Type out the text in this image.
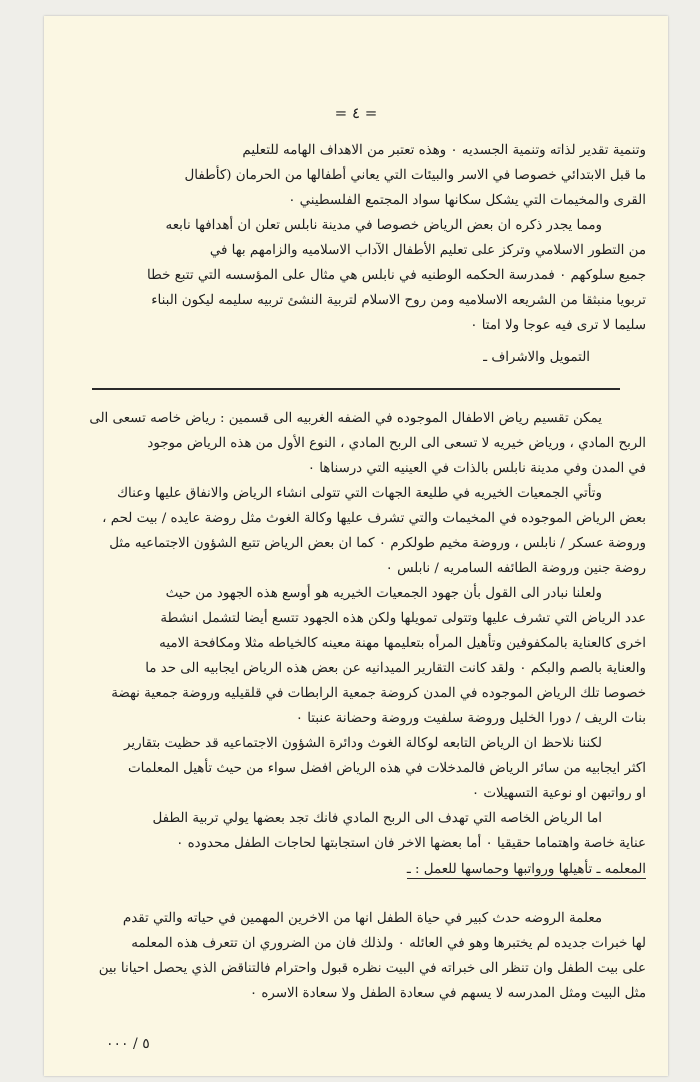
= ٤ =
وتنمية تقدير لذاته وتنمية الجسديه ٠ وهذه تعتبر من الاهداف الهامه للتعليم
ما قبل الابتدائي خصوصا في الاسر والبيئات التي يعاني أطفالها من الحرمان (كأطفال
القرى والمخيمات التي يشكل سكانها سواد المجتمع الفلسطيني ٠
ومما يجدر ذكره ان بعض الرياض خصوصا في مدينة نابلس تعلن ان أهدافها نابعه
من التطور الاسلامي وتركز على تعليم الأطفال الآداب الاسلاميه والزامهم بها في
جميع سلوكهم ٠ فمدرسة الحكمه الوطنيه في نابلس هي مثال على المؤسسه التي تتبع خطا
تربويا منبثقا من الشريعه الاسلاميه ومن روح الاسلام لتربية النشئ تربيه سليمه ليكون البناء
سليما لا ترى فيه عوجا ولا امتا ٠
التمويل والاشراف ـ
يمكن تقسيم رياض الاطفال الموجوده في الضفه الغربيه الى قسمين : رياض خاصه تسعى الى
الربح المادي ، ورياض خيريه لا تسعى الى الربح المادي ، النوع الأول من هذه الرياض موجود
في المدن وفي مدينة نابلس بالذات في العينيه التي درسناها ٠
وتأتي الجمعيات الخيريه في طليعة الجهات التي تتولى انشاء الرياض والانفاق عليها وعناك
بعض الرياض الموجوده في المخيمات والتي تشرف عليها وكالة الغوث مثل روضة عايده / بيت لحم ،
وروضة عسكر / نابلس ، وروضة مخيم طولكرم ٠ كما ان بعض الرياض تتبع الشؤون الاجتماعيه مثل
روضة جنين وروضة الطائفه السامريه / نابلس ٠
ولعلنا نبادر الى القول بأن جهود الجمعيات الخيريه هو أوسع هذه الجهود من حيث
عدد الرياض التي تشرف عليها وتتولى تمويلها ولكن هذه الجهود تتسع أيضا لتشمل انشطة
اخرى كالعناية بالمكفوفين وتأهيل المرأه بتعليمها مهنة معينه كالخياطه مثلا ومكافحة الاميه
والعناية بالصم والبكم ٠ ولقد كانت التقارير الميدانيه عن بعض هذه الرياض ايجابيه الى حد ما
خصوصا تلك الرياض الموجوده في المدن كروضة جمعية الرابطات في قلقيليه وروضة جمعية نهضة
بنات الريف / دورا الخليل وروضة سلفيت وروضة وحضانة عنبتا ٠
لكننا نلاحظ ان الرياض التابعه لوكالة الغوث ودائرة الشؤون الاجتماعيه قد حظيت بتقارير
اكثر ايجابيه من سائر الرياض فالمدخلات في هذه الرياض افضل سواء من حيث تأهيل المعلمات
او رواتبهن او نوعية التسهيلات ٠
اما الرياض الخاصه التي تهدف الى الربح المادي فانك تجد بعضها يولي تربية الطفل
عناية خاصة واهتماما حقيقيا ٠ أما بعضها الاخر فان استجابتها لحاجات الطفل محدوده ٠
المعلمه ـ تأهيلها ورواتبها وحماسها للعمل : ـ
معلمة الروضه حدث كبير في حياة الطفل انها من الاخرين المهمين في حياته والتي تقدم
لها خبرات جديده لم يختبرها وهو في العائله ٠ ولذلك فان من الضروري ان تتعرف هذه المعلمه
على بيت الطفل وان تنظر الى خبراته في البيت نظره قبول واحترام فالتناقض الذي يحصل احيانا بين
مثل البيت ومثل المدرسه لا يسهم في سعادة الطفل ولا سعادة الاسره ٠
٥ / ٠٠٠
